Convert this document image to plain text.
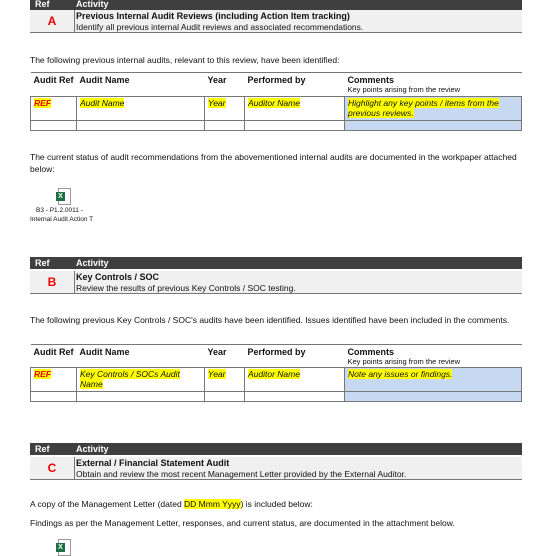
Ref	Activity
A	Previous Internal Audit Reviews (including Action Item tracking)
Identify all previous internal Audit reviews and associated recommendations.
The following previous internal audits, relevant to this review, have been identified:
Audit Ref	Audit Name	Year	Performed by	Comments
Key points arising from the review

REF	Audit Name	Year	Auditor Name	Highlight any key points / items from the previous reviews.

The current status of audit recommendations from the abovementioned internal audits are documented in the workpaper attached below:
X
B3 - P1.2.0011 -
Internal Audit Action T
Ref	Activity
B	Key Controls / SOC
Review the results of previous Key Controls / SOC testing.
The following previous Key Controls / SOC's audits have been identified. Issues identified have been included in the comments.
Audit Ref	Audit Name	Year	Performed by	Comments
Key points arising from the review

REF	Key Controls / SOCs Audit Name	Year	Auditor Name	Note any issues or findings.

Ref	Activity
C	External / Financial Statement Audit
Obtain and review the most recent Management Letter provided by the External Auditor.
A copy of the Management Letter (dated DD Mmm Yyyy) is included below:
Findings as per the Management Letter, responses, and current status, are documented in the attachment below.
X
